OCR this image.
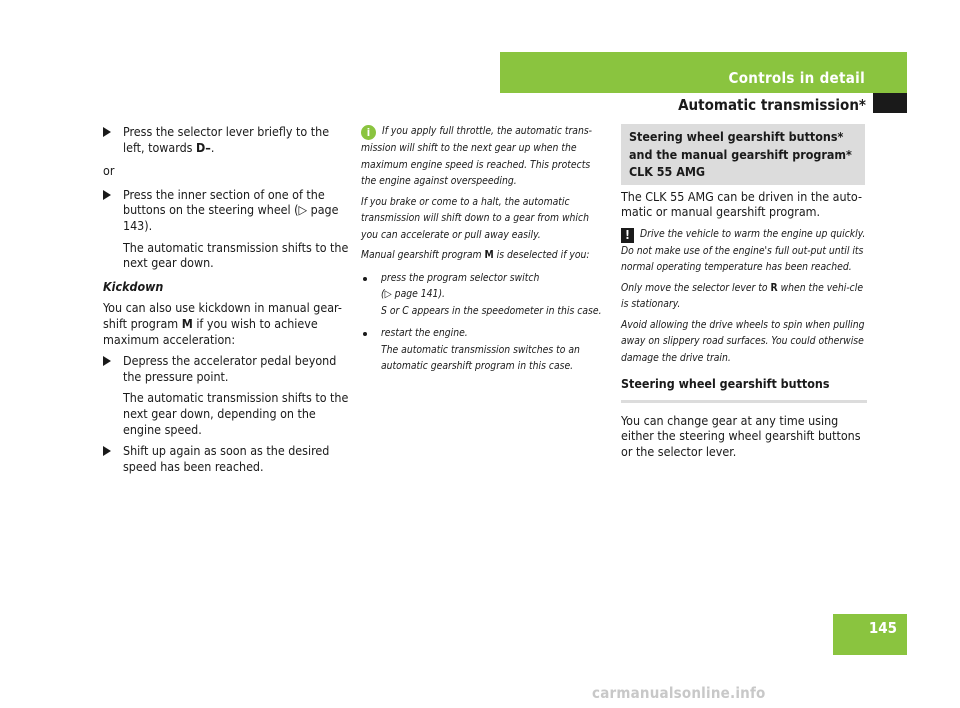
Controls in detail
Automatic transmission*
Press the selector lever briefly to the left, towards D–.

or

Press the inner section of one of the buttons on the steering wheel (▷ page 143).

The automatic transmission shifts to the next gear down.

Kickdown

You can also use kickdown in manual gear-shift program M if you wish to achieve maximum acceleration:

Depress the accelerator pedal beyond the pressure point.

The automatic transmission shifts to the next gear down, depending on the engine speed.

Shift up again as soon as the desired speed has been reached.

i If you apply full throttle, the automatic trans-mission will shift to the next gear up when the maximum engine speed is reached. This protects the engine against overspeeding.

If you brake or come to a halt, the automatic transmission will shift down to a gear from which you can accelerate or pull away easily.

Manual gearshift program M is deselected if you:

press the program selector switch
(▷ page 141).
S or C appears in the speedometer in this case.
restart the engine.
The automatic transmission switches to an automatic gearshift program in this case.
Steering wheel gearshift buttons*
and the manual gearshift program*
CLK 55 AMG

The CLK 55 AMG can be driven in the auto-matic or manual gearshift program.

! Drive the vehicle to warm the engine up quickly. Do not make use of the engine's full out-put until its normal operating temperature has been reached.

Only move the selector lever to R when the vehi-cle is stationary.

Avoid allowing the drive wheels to spin when pulling away on slippery road surfaces. You could otherwise damage the drive train.

Steering wheel gearshift buttons

You can change gear at any time using either the steering wheel gearshift buttons or the selector lever.

145
carmanualsonline.info
